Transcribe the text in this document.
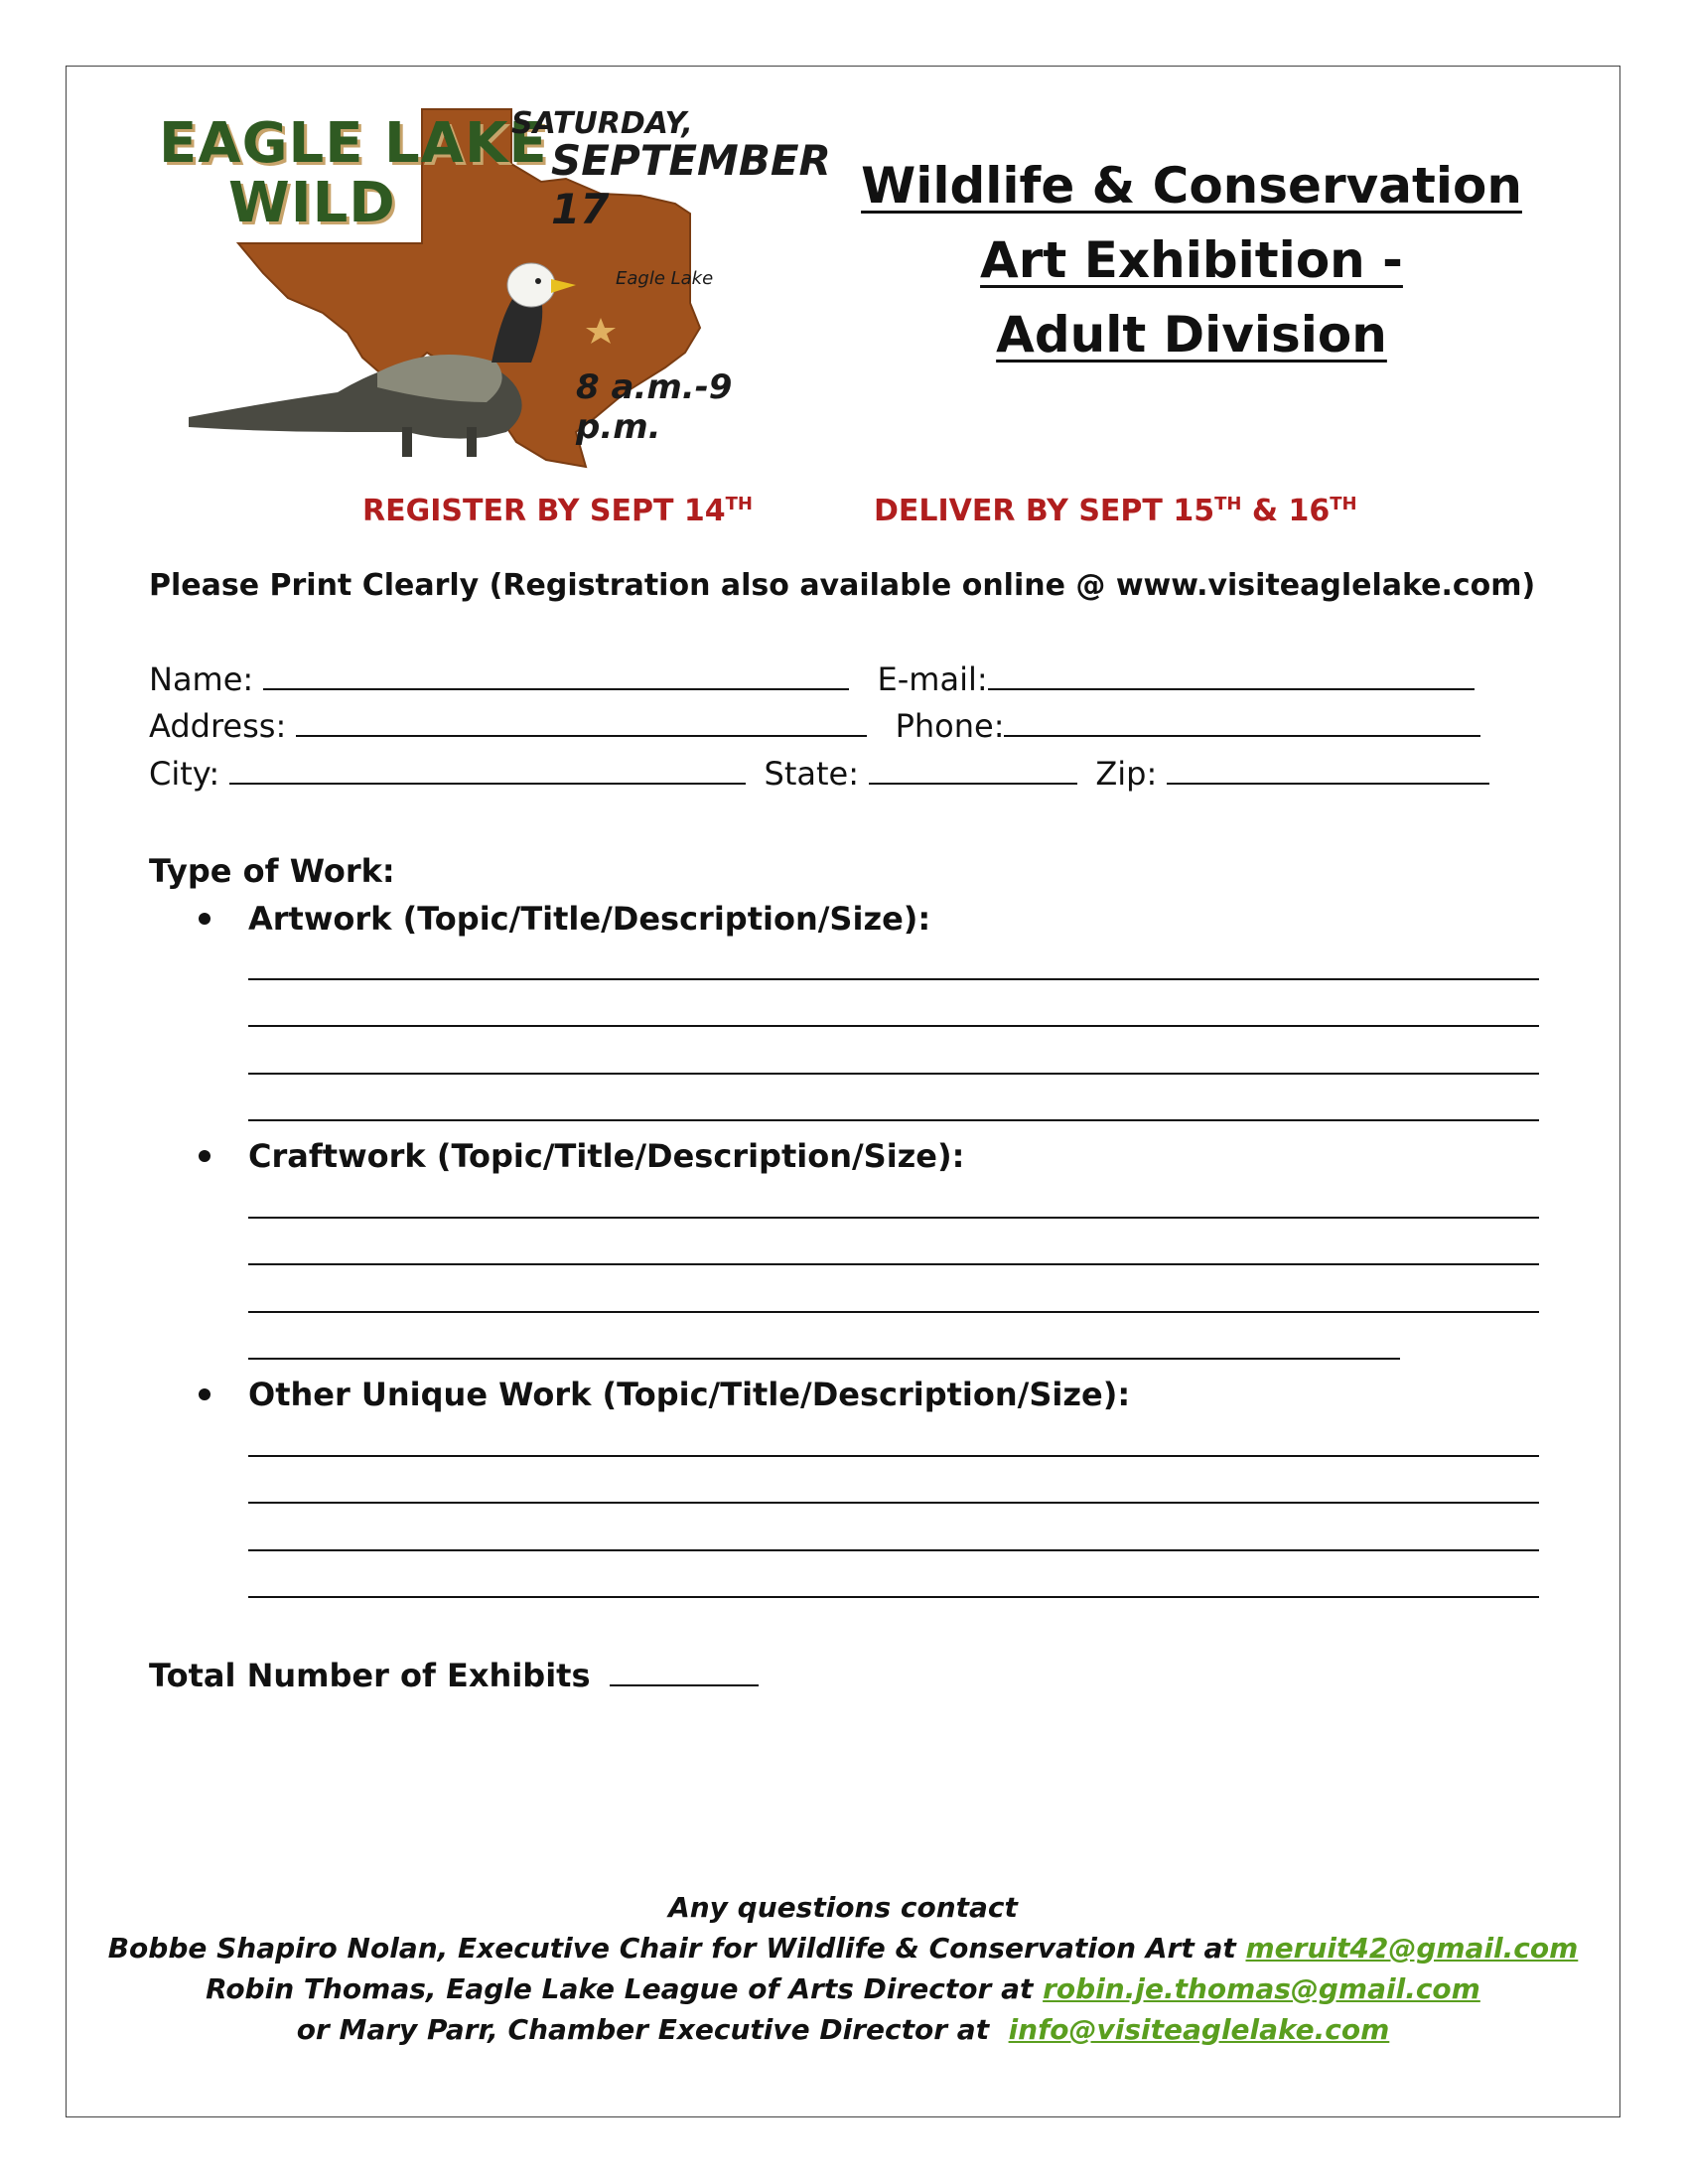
EAGLE LAKE
WILD
SATURDAY,
SEPTEMBER 17
Eagle Lake
8 a.m.-9 p.m.
Wildlife & Conservation
Art Exhibition -
Adult Division
REGISTER BY SEPT 14TH	DELIVER BY SEPT 15TH & 16TH
Please Print Clearly (Registration also available online @ www.visiteaglelake.com)
Name:	E-mail:
Address:	Phone:
City:	State:	Zip:
Type of Work:
Artwork (Topic/Title/Description/Size):
Craftwork (Topic/Title/Description/Size):
Other Unique Work (Topic/Title/Description/Size):
Total Number of Exhibits
Any questions contact
Bobbe Shapiro Nolan, Executive Chair for Wildlife & Conservation Art at meruit42@gmail.com
Robin Thomas, Eagle Lake League of Arts Director at robin.je.thomas@gmail.com
or Mary Parr, Chamber Executive Director at  info@visiteaglelake.com
